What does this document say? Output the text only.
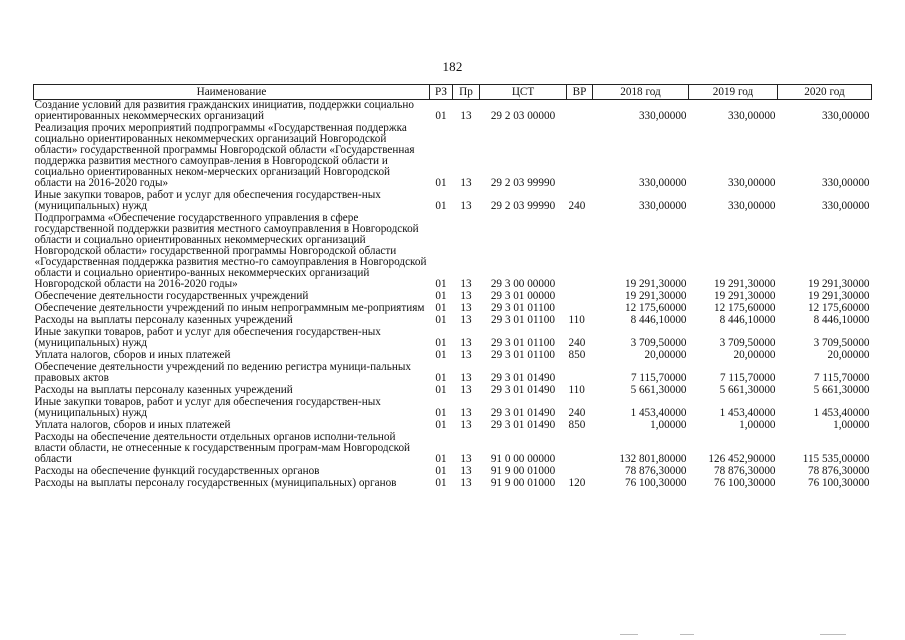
182
Наименование	РЗ	Пр	ЦСТ	ВР	2018 год	2019 год	2020 год
Создание условий для развития гражданских инициатив, поддержки социально ориентированных некоммерческих организаций	01	13	29 2 03 00000		330,00000	330,00000	330,00000
Реализация прочих мероприятий подпрограммы «Государственная поддержка социально ориентированных некоммерческих организаций Новгородской области» государственной программы Новгородской области «Государственная поддержка развития местного самоуправ-ления в Новгородской области и социально ориентированных неком-мерческих организаций Новгородской области на 2016-2020 годы»	01	13	29 2 03 99990		330,00000	330,00000	330,00000
Иные закупки товаров, работ и услуг для обеспечения государствен-ных (муниципальных) нужд	01	13	29 2 03 99990	240	330,00000	330,00000	330,00000
Подпрограмма «Обеспечение государственного управления в сфере государственной поддержки развития местного самоуправления в Новгородской области и социально ориентированных некоммерческих организаций Новгородской области» государственной программы Новгородской области «Государственная поддержка развития местно-го самоуправления в Новгородской области и социально ориентиро-ванных некоммерческих организаций Новгородской области на 2016-2020 годы»	01	13	29 3 00 00000		19 291,30000	19 291,30000	19 291,30000
Обеспечение деятельности государственных учреждений	01	13	29 3 01 00000		19 291,30000	19 291,30000	19 291,30000
Обеспечение деятельности учреждений по иным непрограммным ме-роприятиям	01	13	29 3 01 01100		12 175,60000	12 175,60000	12 175,60000
Расходы на выплаты персоналу казенных учреждений	01	13	29 3 01 01100	110	8 446,10000	8 446,10000	8 446,10000
Иные закупки товаров, работ и услуг для обеспечения государствен-ных (муниципальных) нужд	01	13	29 3 01 01100	240	3 709,50000	3 709,50000	3 709,50000
Уплата налогов, сборов и иных платежей	01	13	29 3 01 01100	850	20,00000	20,00000	20,00000
Обеспечение деятельности учреждений по ведению регистра муници-пальных правовых актов	01	13	29 3 01 01490		7 115,70000	7 115,70000	7 115,70000
Расходы на выплаты персоналу казенных учреждений	01	13	29 3 01 01490	110	5 661,30000	5 661,30000	5 661,30000
Иные закупки товаров, работ и услуг для обеспечения государствен-ных (муниципальных) нужд	01	13	29 3 01 01490	240	1 453,40000	1 453,40000	1 453,40000
Уплата налогов, сборов и иных платежей	01	13	29 3 01 01490	850	1,00000	1,00000	1,00000
Расходы на обеспечение деятельности отдельных органов исполни-тельной власти области, не отнесенные к государственным програм-мам Новгородской области	01	13	91 0 00 00000		132 801,80000	126 452,90000	115 535,00000
Расходы на обеспечение функций государственных органов	01	13	91 9 00 01000		78 876,30000	78 876,30000	78 876,30000
Расходы на выплаты персоналу государственных (муниципальных) органов	01	13	91 9 00 01000	120	76 100,30000	76 100,30000	76 100,30000
